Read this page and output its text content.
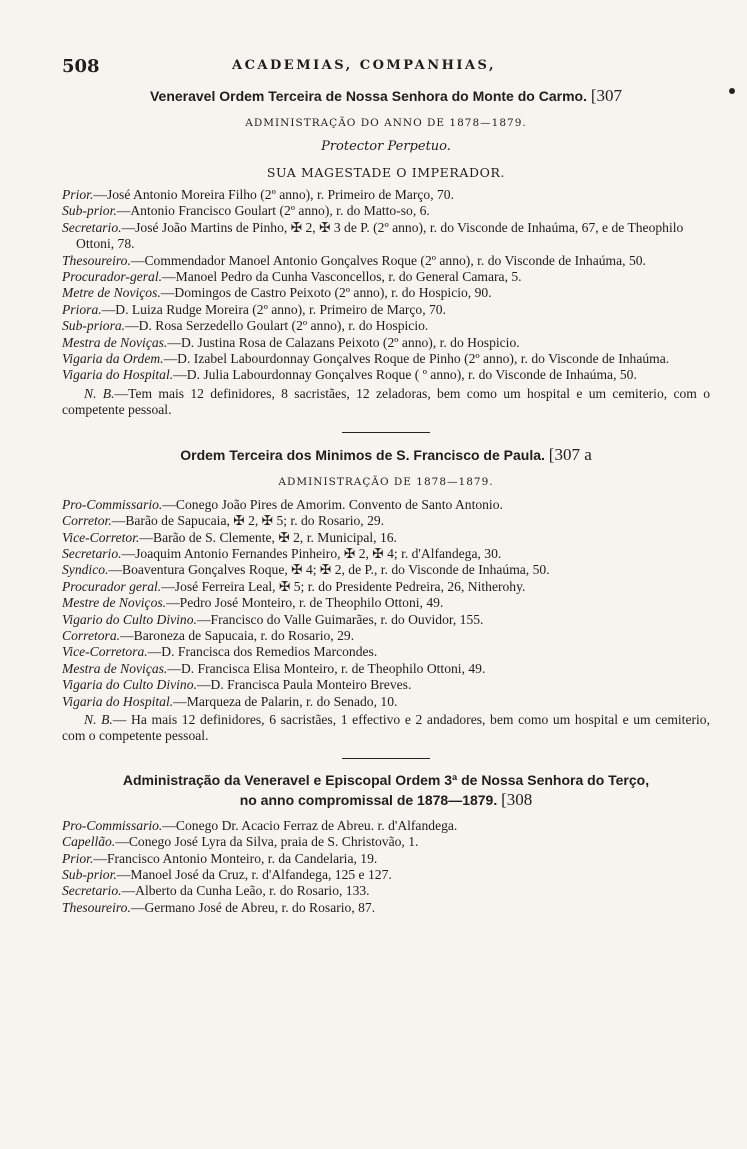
508	ACADEMIAS, COMPANHIAS,
Veneravel Ordem Terceira de Nossa Senhora do Monte do Carmo. [307
ADMINISTRAÇÃO DO ANNO DE 1878—1879.
Protector Perpetuo.
SUA MAGESTADE O IMPERADOR.
Prior.—José Antonio Moreira Filho (2º anno), r. Primeiro de Março, 70.
Sub-prior.—Antonio Francisco Goulart (2º anno), r. do Matto-so, 6.
Secretario.—José João Martins de Pinho, ✠ 2, ✠ 3 de P. (2º anno), r. do Visconde de Inhaúma, 67, e de Theophilo Ottoni, 78.
Thesoureiro.—Commendador Manoel Antonio Gonçalves Roque (2º anno), r. do Visconde de Inhaúma, 50.
Procurador-geral.—Manoel Pedro da Cunha Vasconcellos, r. do General Camara, 5.
Metre de Noviços.—Domingos de Castro Peixoto (2º anno), r. do Hospicio, 90.
Priora.—D. Luiza Rudge Moreira (2º anno), r. Primeiro de Março, 70.
Sub-priora.—D. Rosa Serzedello Goulart (2º anno), r. do Hospicio.
Mestra de Noviças.—D. Justina Rosa de Calazans Peixoto (2º anno), r. do Hospicio.
Vigaria da Ordem.—D. Izabel Labourdonnay Gonçalves Roque de Pinho (2º anno), r. do Visconde de Inhaúma.
Vigaria do Hospital.—D. Julia Labourdonnay Gonçalves Roque ( º anno), r. do Visconde de Inhaúma, 50.
N. B.—Tem mais 12 definidores, 8 sacristães, 12 zeladoras, bem como um hospital e um cemiterio, com o competente pessoal.
Ordem Terceira dos Minimos de S. Francisco de Paula. [307 a
ADMINISTRAÇÃO DE 1878—1879.
Pro-Commissario.—Conego João Pires de Amorim. Convento de Santo Antonio.
Corretor.—Barão de Sapucaia, ✠ 2, ✠ 5; r. do Rosario, 29.
Vice-Corretor.—Barão de S. Clemente, ✠ 2, r. Municipal, 16.
Secretario.—Joaquim Antonio Fernandes Pinheiro, ✠ 2, ✠ 4; r. d'Alfandega, 30.
Syndico.—Boaventura Gonçalves Roque, ✠ 4; ✠ 2, de P., r. do Visconde de Inhaúma, 50.
Procurador geral.—José Ferreira Leal, ✠ 5; r. do Presidente Pedreira, 26, Nitherohy.
Mestre de Noviços.—Pedro José Monteiro, r. de Theophilo Ottoni, 49.
Vigario do Culto Divino.—Francisco do Valle Guimarães, r. do Ouvidor, 155.
Corretora.—Baroneza de Sapucaia, r. do Rosario, 29.
Vice-Corretora.—D. Francisca dos Remedios Marcondes.
Mestra de Noviças.—D. Francisca Elisa Monteiro, r. de Theophilo Ottoni, 49.
Vigaria do Culto Divino.—D. Francisca Paula Monteiro Breves.
Vigaria do Hospital.—Marqueza de Palarin, r. do Senado, 10.
N. B.— Ha mais 12 definidores, 6 sacristães, 1 effectivo e 2 andadores, bem como um hospital e um cemiterio, com o competente pessoal.
Administração da Veneravel e Episcopal Ordem 3ª de Nossa Senhora do Terço,
no anno compromissal de 1878—1879. [308
Pro-Commissario.—Conego Dr. Acacio Ferraz de Abreu. r. d'Alfandega.
Capellão.—Conego José Lyra da Silva, praia de S. Christovão, 1.
Prior.—Francisco Antonio Monteiro, r. da Candelaria, 19.
Sub-prior.—Manoel José da Cruz, r. d'Alfandega, 125 e 127.
Secretario.—Alberto da Cunha Leão, r. do Rosario, 133.
Thesoureiro.—Germano José de Abreu, r. do Rosario, 87.
